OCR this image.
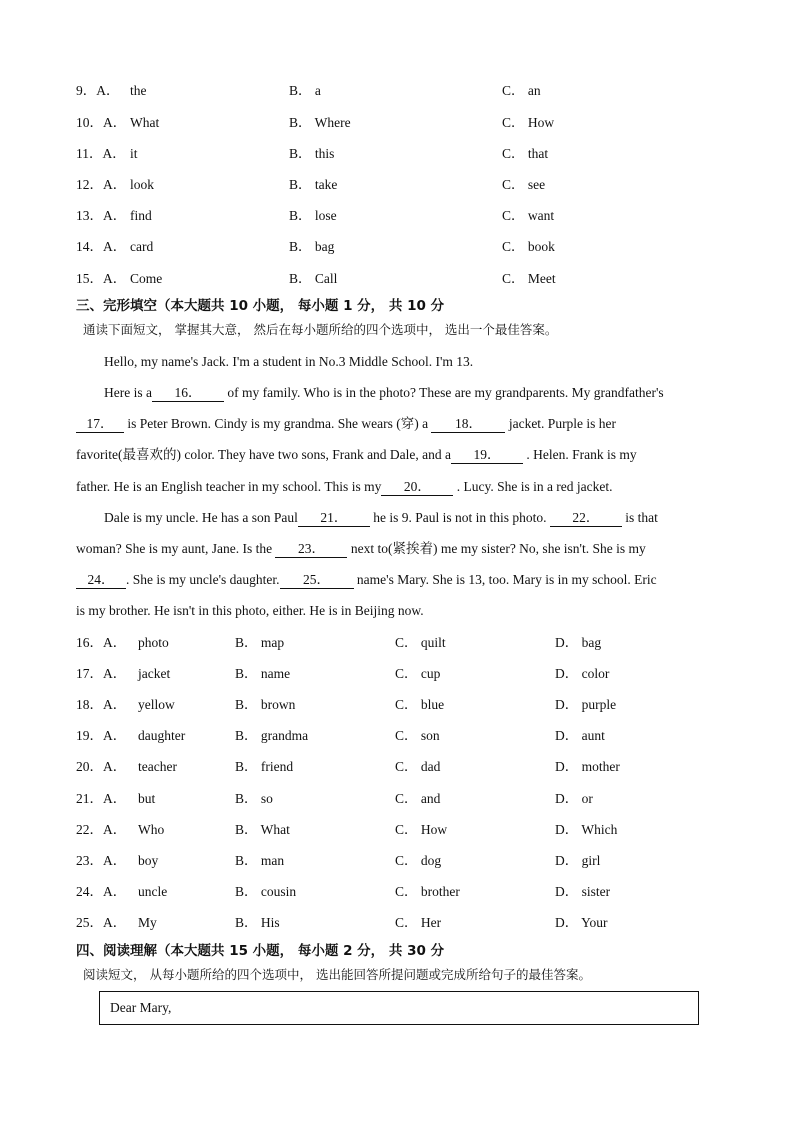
9．A． the	B． a	C． an
10．A． What	B． Where	C． How
11．A． it	B． this	C． that
12．A． look	B． take	C． see
13．A． find	B． lose	C． want
14．A． card	B． bag	C． book
15．A． Come	B． Call	C． Meet
三、完形填空（本大题共 10 小题， 每小题 1 分， 共 10 分
通读下面短文， 掌握其大意， 然后在每小题所给的四个选项中， 选出一个最佳答案。
Hello, my name's Jack. I'm a student in No.3 Middle School. I'm 13.
Here is a 16． of my family. Who is in the photo? These are my grandparents. My grandfather's
17． is Peter Brown. Cindy is my grandma. She wears (穿) a 18． jacket. Purple is her
favorite(最喜欢的) color. They have two sons, Frank and Dale, and a 19． . Helen. Frank is my
father. He is an English teacher in my school. This is my 20． . Lucy. She is in a red jacket.
Dale is my uncle. He has a son Paul 21． he is 9. Paul is not in this photo. 22． is that
woman? She is my aunt, Jane. Is the 23． next to(紧挨着) me my sister? No, she isn't. She is my
24． . She is my uncle's daughter. 25． name's Mary. She is 13, too. Mary is in my school. Eric
is my brother. He isn't in this photo, either. He is in Beijing now.
16．A． photo	B． map	C． quilt	D． bag
17．A． jacket	B． name	C． cup	D． color
18．A． yellow	B． brown	C． blue	D． purple
19．A． daughter	B． grandma	C． son	D． aunt
20．A． teacher	B． friend	C． dad	D． mother
21．A． but	B． so	C． and	D． or
22．A． Who	B． What	C． How	D． Which
23．A． boy	B． man	C． dog	D． girl
24．A． uncle	B． cousin	C． brother	D． sister
25．A． My	B． His	C． Her	D． Your
四、阅读理解（本大题共 15 小题， 每小题 2 分， 共 30 分
阅读短文， 从每小题所给的四个选项中， 选出能回答所提问题或完成所给句子的最佳答案。
Dear Mary,
